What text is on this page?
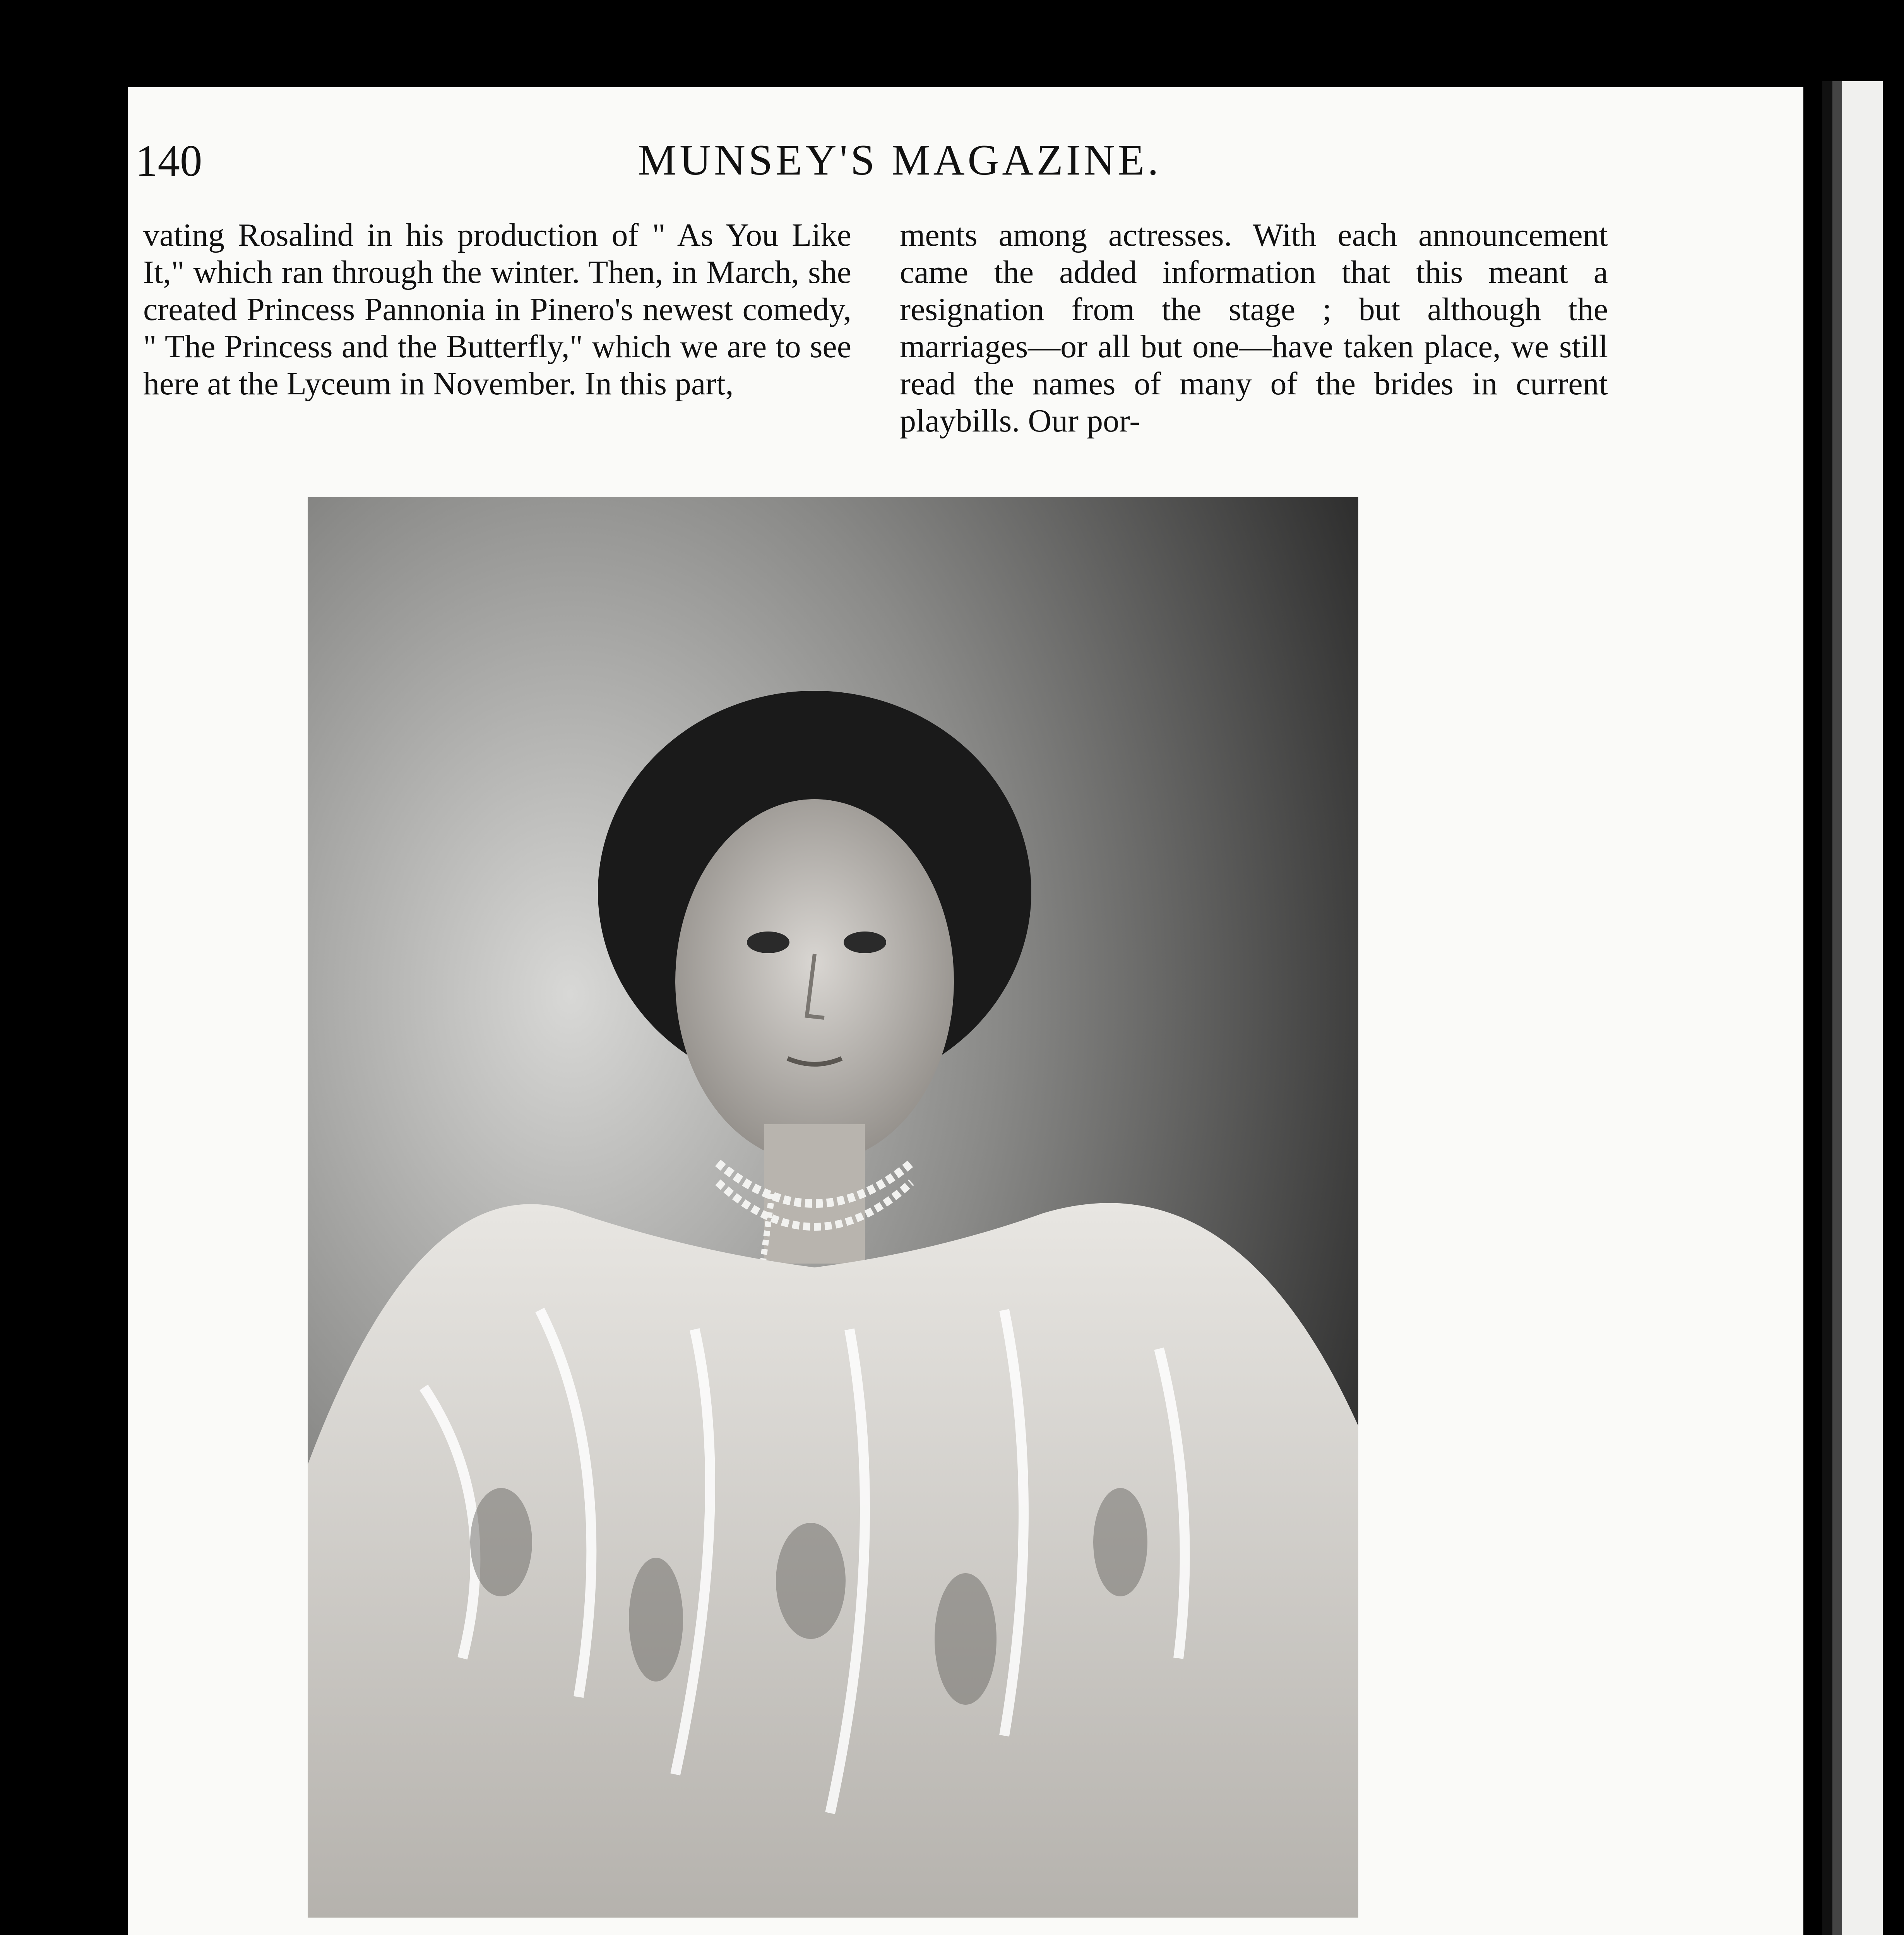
140	MUNSEY'S MAGAZINE.

vating Rosalind in his production of " As You Like It," which ran through the winter. Then, in March, she created Princess Pannonia in Pinero's newest comedy, " The Princess and the Butterfly," which we are to see here at the Lyceum in November. In this part,

ments among actresses. With each announcement came the added information that this meant a resignation from the stage ; but although the marriages—or all but one—have taken place, we still read the names of many of the brides in current playbills. Our por-
